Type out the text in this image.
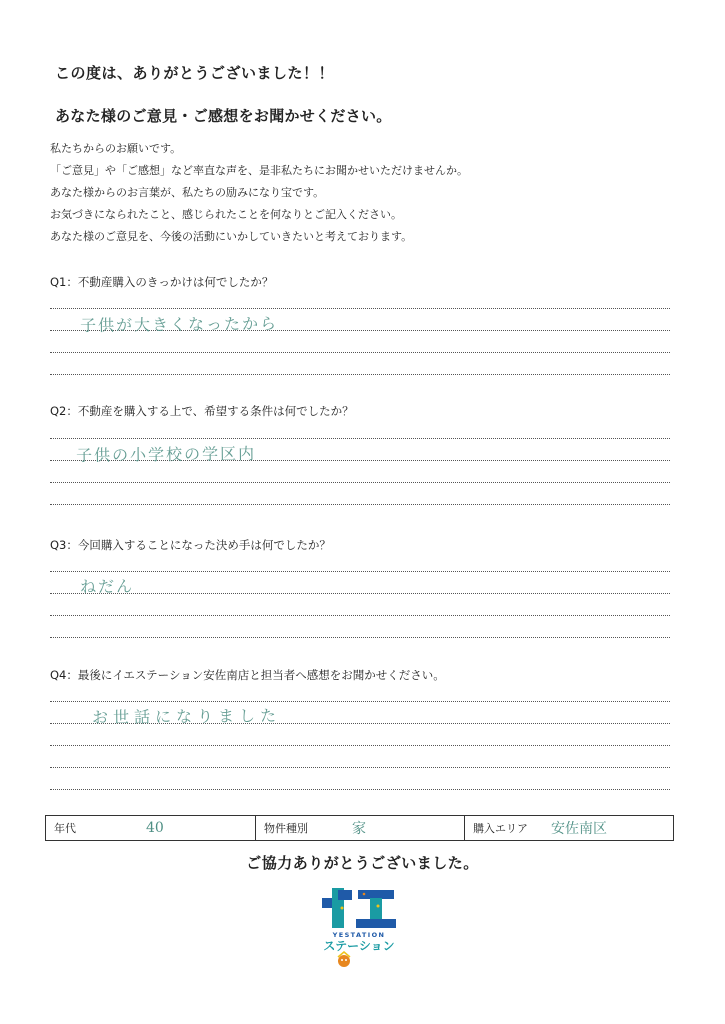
この度は、ありがとうございました！！
あなた様のご意見・ご感想をお聞かせください。
私たちからのお願いです。
「ご意見」や「ご感想」など率直な声を、是非私たちにお聞かせいただけませんか。
あなた様からのお言葉が、私たちの励みになり宝です。
お気づきになられたこと、感じられたことを何なりとご記入ください。
あなた様のご意見を、今後の活動にいかしていきたいと考えております。
Q1：不動産購入のきっかけは何でしたか？
子供が大きくなったから
Q2：不動産を購入する上で、希望する条件は何でしたか？
子供の小学校の学区内
Q3：今回購入することになった決め手は何でしたか？
ねだん
Q4：最後にイエステーション安佐南店と担当者へ感想をお聞かせください。
お世話になりました
年代	40	物件種別	家	購入エリア 安佐南区
ご協力ありがとうございました。
YESTATION
ステーション
